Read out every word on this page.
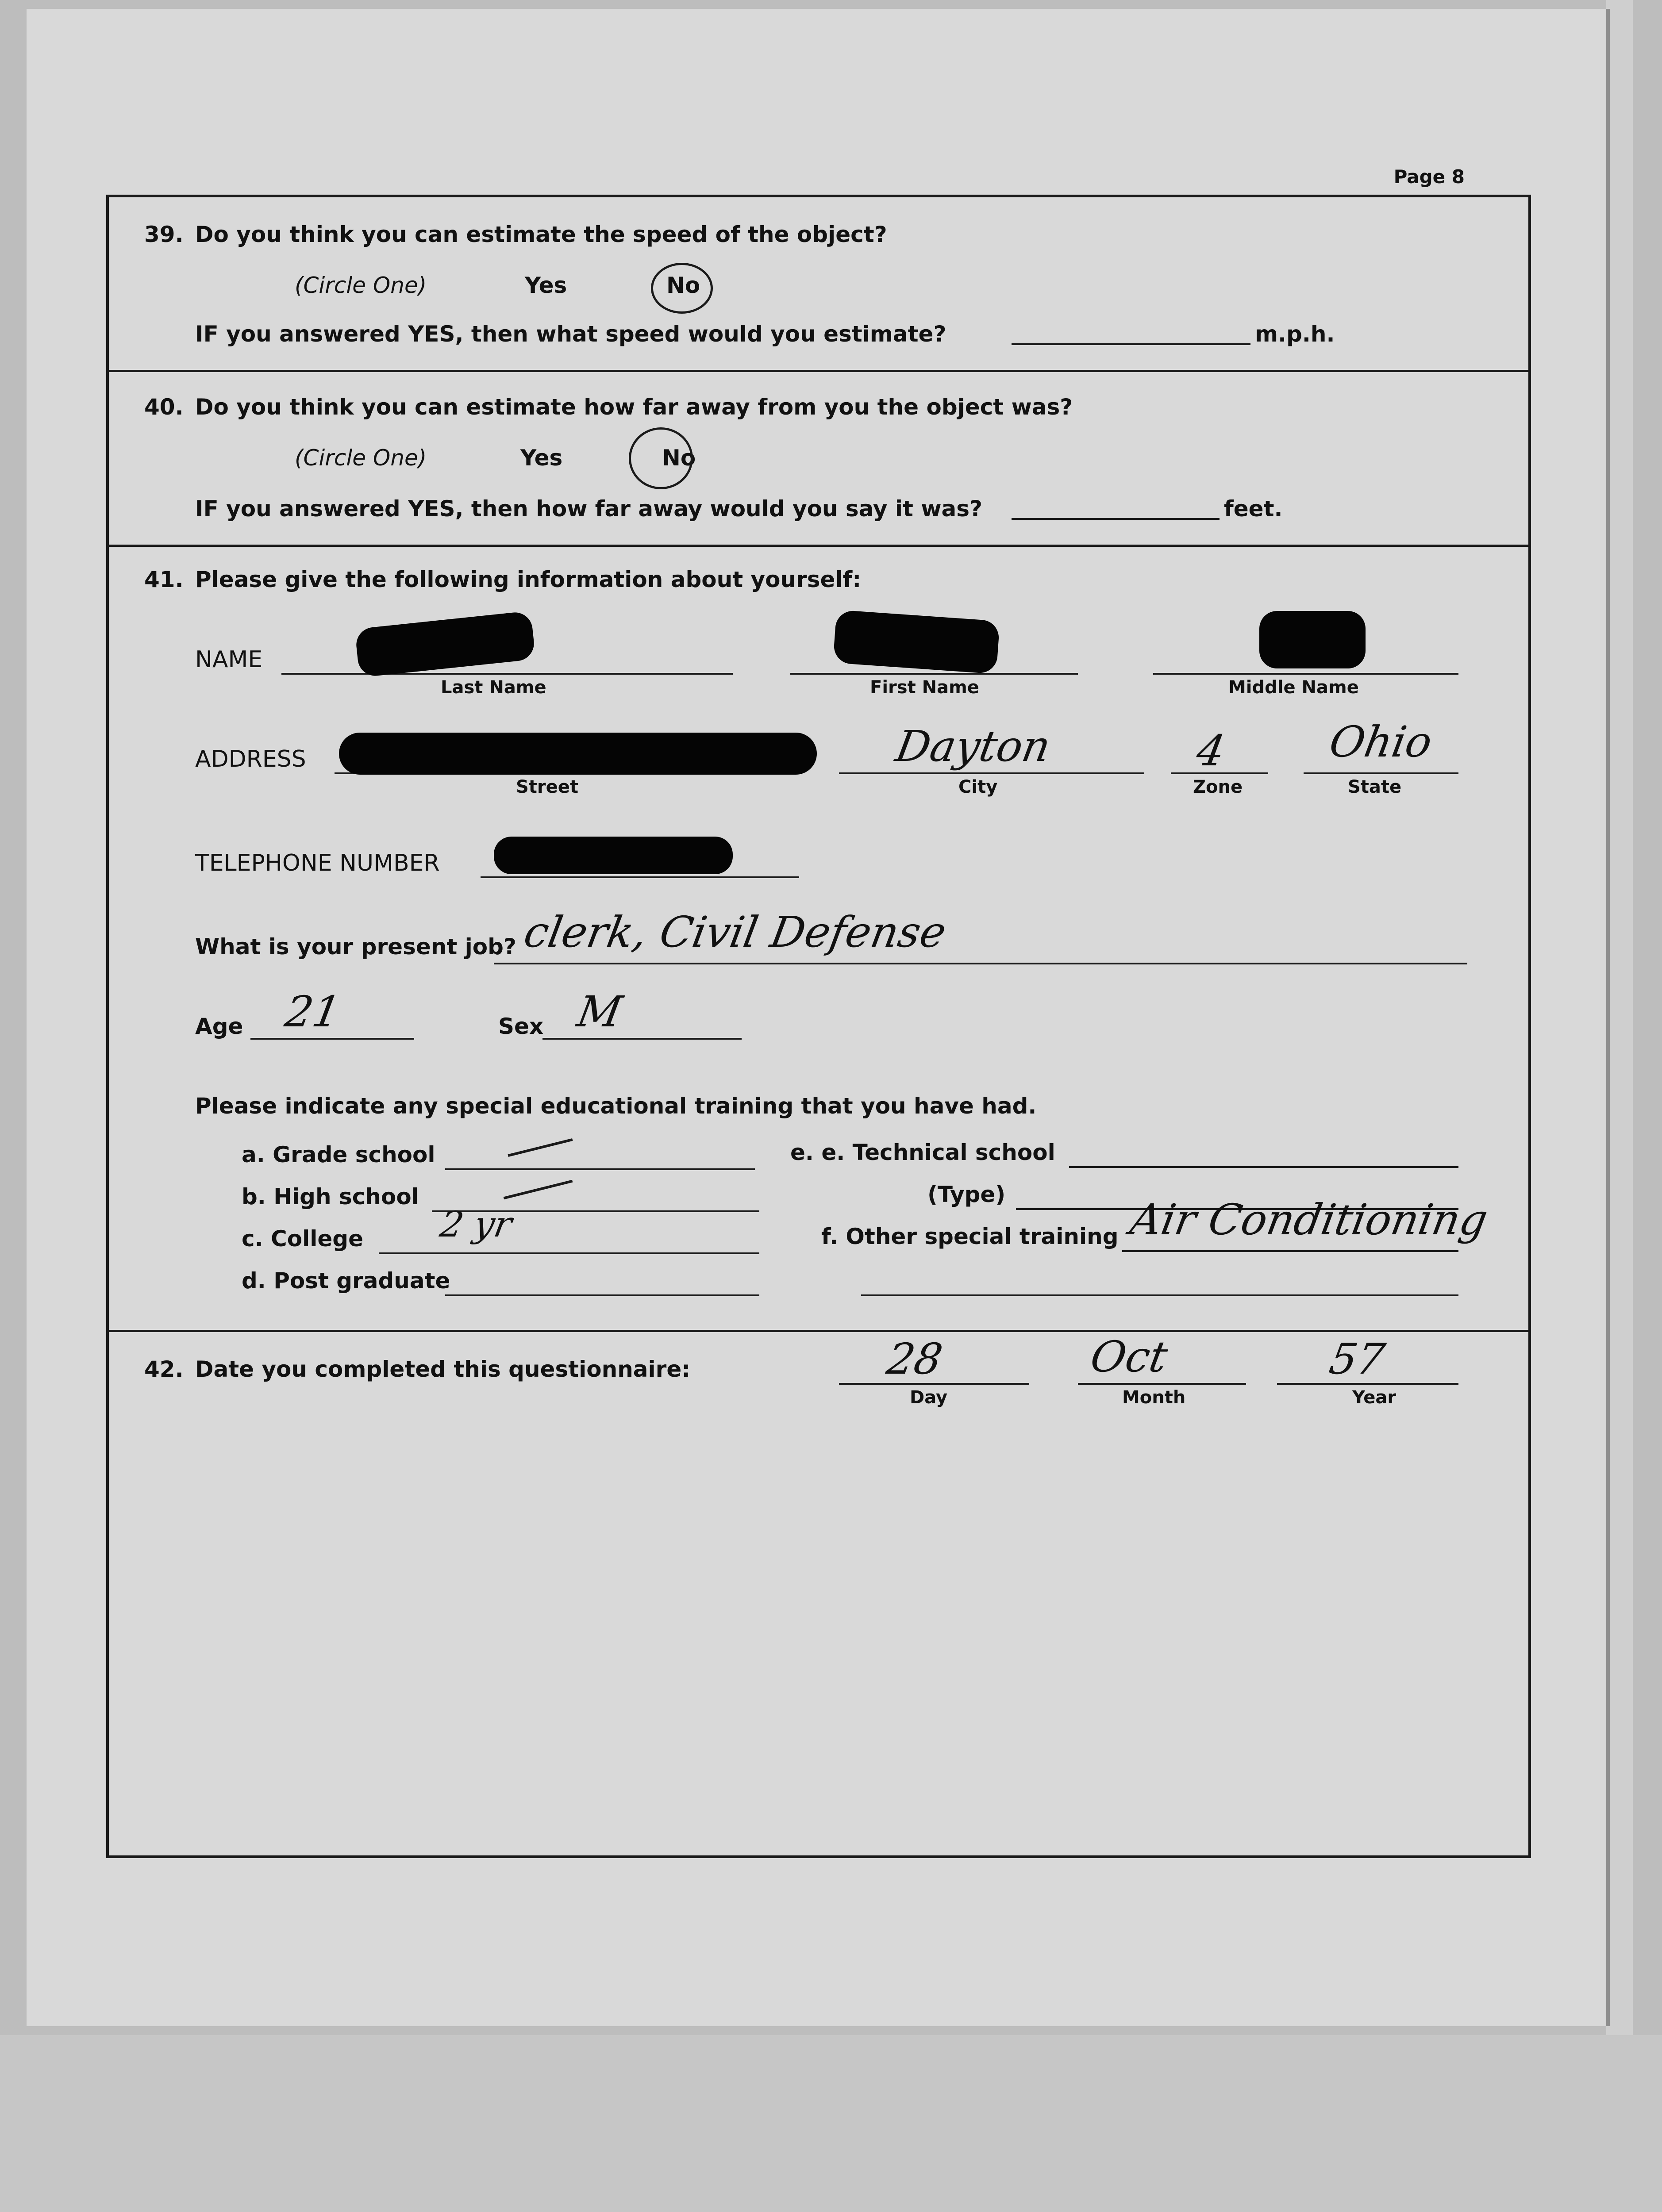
Page 8
39. Do you think you can estimate the speed of the object?
(Circle One)	Yes	No
IF you answered YES, then what speed would you estimate?	m.p.h.
40. Do you think you can estimate how far away from you the object was?
(Circle One)	Yes	No
IF you answered YES, then how far away would you say it was?	feet.
41. Please give the following information about yourself:
NAME
Last Name	First Name	Middle Name
ADDRESS
Street
Dayton
City
4
Zone
Ohio
State
TELEPHONE NUMBER
What is your present job? clerk, Civil Defense
Age 21	Sex M
Please indicate any special educational training that you have had.
a. Grade school
b. High school
c. College 2 yr
d. Post graduate
e. e. Technical school
(Type)
f. Other special training Air Conditioning
42. Date you completed this questionnaire:	28
Day
Oct
Month
57
Year
